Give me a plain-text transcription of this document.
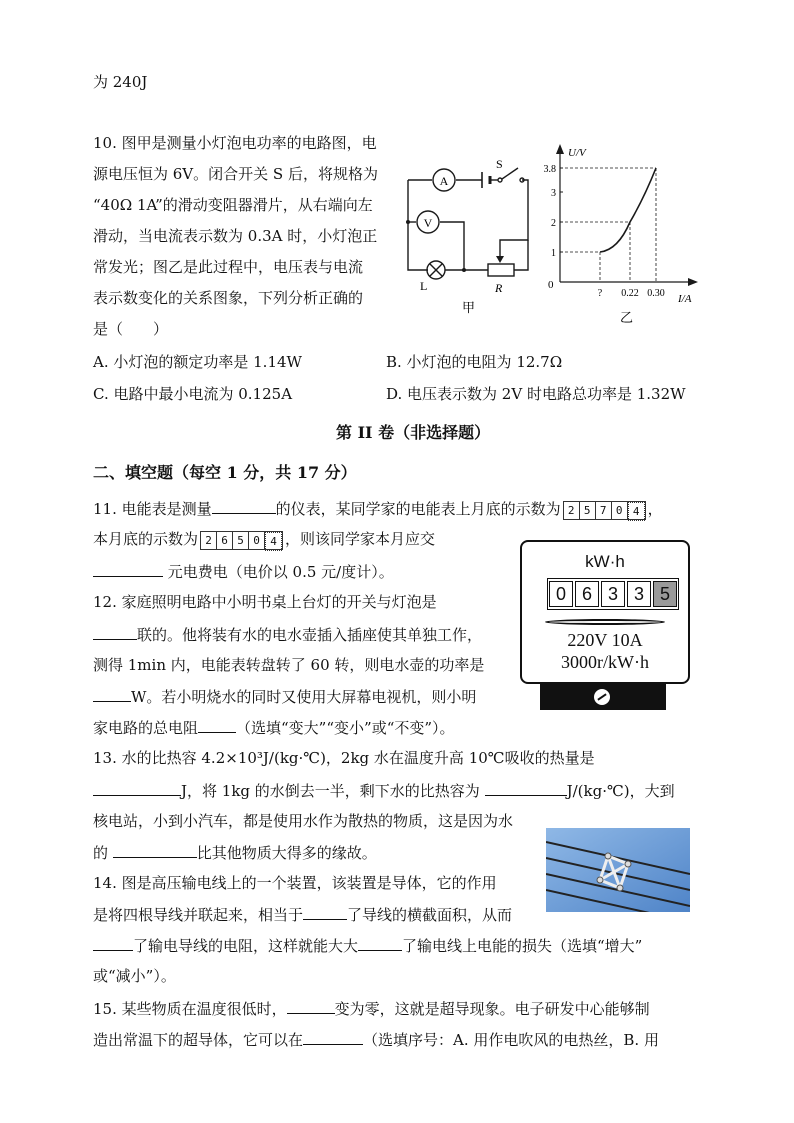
为 240J
10. 图甲是测量小灯泡电功率的电路图，电
源电压恒为 6V。闭合开关 S 后，将规格为
“40Ω 1A”的滑动变阻器滑片，从右端向左
滑动，当电流表示数为 0.3A 时，小灯泡正
常发光；图乙是此过程中，电压表与电流
表示数变化的关系图象，下列分析正确的
是（　　）
A. 小灯泡的额定功率是 1.14W	B. 小灯泡的电阻为 12.7Ω
C. 电路中最小电流为 0.125A	D. 电压表示数为 2V 时电路总功率是 1.32W
A
V
S
L	R
甲
1
2
3
3.8
? 0.22 0.30
U/V
I/A
0
乙
第 II 卷（非选择题）
二、填空题（每空 1 分，共 17 分）
11. 电能表是测量	的仪表，某同学家的电能表上月底的示数为 2 5 7 0 4 ，
本月底的示数为 2 6 5 0 4 ，则该同学家本月应交
元电费电（电价以 0.5 元/度计）。
kW·h
0 6 3 3 5
220V 10A
3000r/kW·h
12. 家庭照明电路中小明书桌上台灯的开关与灯泡是
联的。他将装有水的电水壶插入插座使其单独工作，
测得 1min 内，电能表转盘转了 60 转，则电水壶的功率是
W。若小明烧水的同时又使用大屏幕电视机，则小明
家电路的总电阻	（选填“变大”“变小”或“不变”）。
13. 水的比热容 4.2×10³J/(kg·℃)，2kg 水在温度升高 10℃吸收的热量是
J，将 1kg 的水倒去一半，剩下水的比热容为	J/(kg·℃)，大到
核电站，小到小汽车，都是使用水作为散热的物质，这是因为水
的	比其他物质大得多的缘故。
14. 图是高压输电线上的一个装置，该装置是导体，它的作用
是将四根导线并联起来，相当于	了导线的横截面积，从而
了输电导线的电阻，这样就能大大	了输电线上电能的损失（选填“增大”
或“减小”）。
15. 某些物质在温度很低时，	变为零，这就是超导现象。电子研发中心能够制
造出常温下的超导体，它可以在	（选填序号：A. 用作电吹风的电热丝，B. 用
